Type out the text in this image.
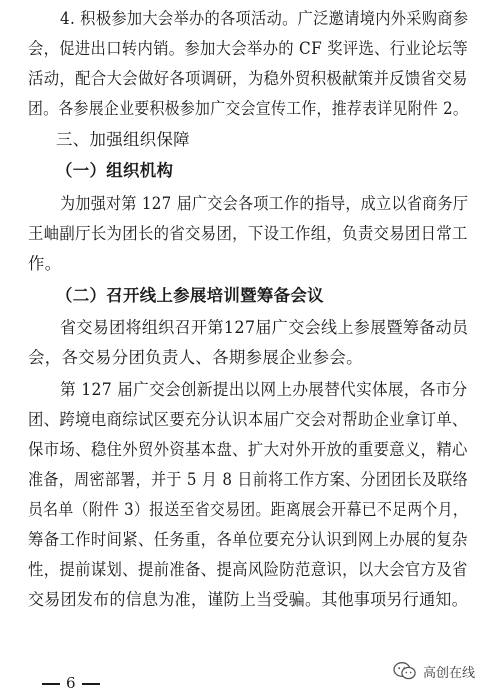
4. 积极参加大会举办的各项活动。广泛邀请境内外采购商参
会，促进出口转内销。参加大会举办的 CF 奖评选、行业论坛等
活动，配合大会做好各项调研，为稳外贸积极献策并反馈省交易
团。各参展企业要积极参加广交会宣传工作，推荐表详见附件 2。
三、加强组织保障
（一）组织机构
为加强对第 127 届广交会各项工作的指导，成立以省商务厅
王岫副厅长为团长的省交易团，下设工作组，负责交易团日常工
作。
（二）召开线上参展培训暨筹备会议
省交易团将组织召开第127届广交会线上参展暨筹备动员
会，各交易分团负责人、各期参展企业参会。
第 127 届广交会创新提出以网上办展替代实体展，各市分
团、跨境电商综试区要充分认识本届广交会对帮助企业拿订单、
保市场、稳住外贸外资基本盘、扩大对外开放的重要意义，精心
准备，周密部署，并于 5 月 8 日前将工作方案、分团团长及联络
员名单（附件 3）报送至省交易团。距离展会开幕已不足两个月，
筹备工作时间紧、任务重，各单位要充分认识到网上办展的复杂
性，提前谋划、提前准备、提高风险防范意识，以大会官方及省
交易团发布的信息为准，谨防上当受骗。其他事项另行通知。
6
高创在线
